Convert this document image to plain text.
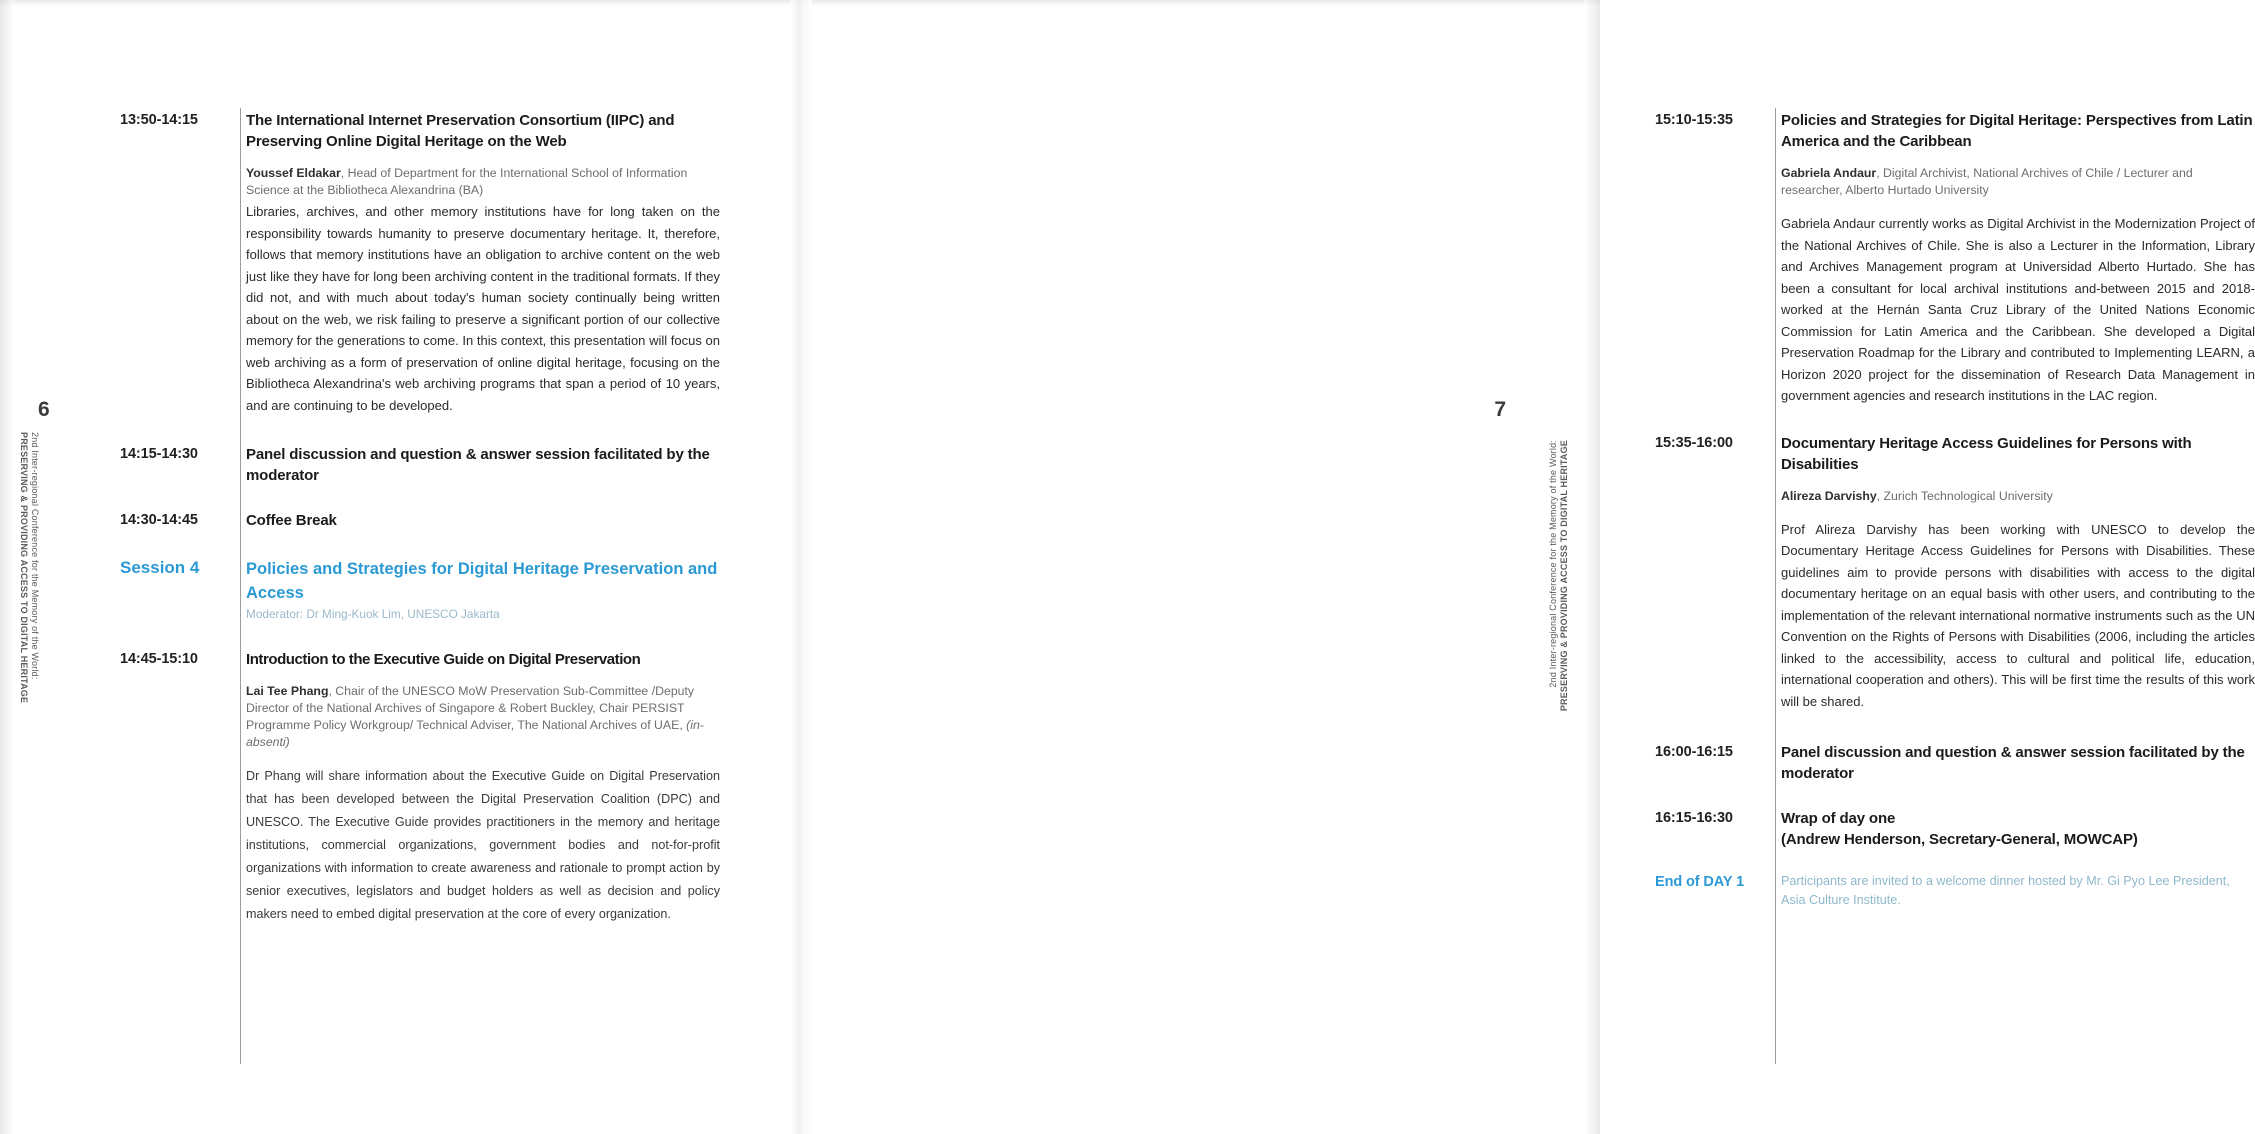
6
2nd Inter-regional Conference for the Memory of the World:
PRESERVING & PROVIDING ACCESS TO DIGITAL HERITAGE
13:50-14:15	The International Internet Preservation Consortium (IIPC) and Preserving Online Digital Heritage on the Web
Youssef Eldakar, Head of Department for the International School of Information Science at the Bibliotheca Alexandrina (BA)
Libraries, archives, and other memory institutions have for long taken on the responsibility towards humanity to preserve documentary heritage. It, therefore, follows that memory institutions have an obligation to archive content on the web just like they have for long been archiving content in the traditional formats. If they did not, and with much about today's human society continually being written about on the web, we risk failing to preserve a significant portion of our collective memory for the generations to come. In this context, this presentation will focus on web archiving as a form of preservation of online digital heritage, focusing on the Bibliotheca Alexandrina's web archiving programs that span a period of 10 years, and are continuing to be developed.
14:15-14:30	Panel discussion and question & answer session facilitated by the moderator
14:30-14:45	Coffee Break
Session 4	Policies and Strategies for Digital Heritage Preservation and Access
Moderator: Dr Ming-Kuok Lim, UNESCO Jakarta
14:45-15:10	Introduction to the Executive Guide on Digital Preservation
Lai Tee Phang, Chair of the UNESCO MoW Preservation Sub-Committee /Deputy Director of the National Archives of Singapore & Robert Buckley, Chair PERSIST Programme Policy Workgroup/ Technical Adviser, The National Archives of UAE, (in-absenti)
Dr Phang will share information about the Executive Guide on Digital Preservation that has been developed between the Digital Preservation Coalition (DPC) and UNESCO. The Executive Guide provides practitioners in the memory and heritage institutions, commercial organizations, government bodies and not-for-profit organizations with information to create awareness and rationale to prompt action by senior executives, legislators and budget holders as well as decision and policy makers need to embed digital preservation at the core of every organization.
7
2nd Inter-regional Conference for the Memory of the World: PRESERVING & PROVIDING ACCESS TO DIGITAL HERITAGE
15:10-15:35	Policies and Strategies for Digital Heritage: Perspectives from Latin America and the Caribbean
Gabriela Andaur, Digital Archivist, National Archives of Chile / Lecturer and researcher, Alberto Hurtado University
Gabriela Andaur currently works as Digital Archivist in the Modernization Project of the National Archives of Chile. She is also a Lecturer in the Information, Library and Archives Management program at Universidad Alberto Hurtado. She has been a consultant for local archival institutions and-between 2015 and 2018- worked at the Hernán Santa Cruz Library of the United Nations Economic Commission for Latin America and the Caribbean. She developed a Digital Preservation Roadmap for the Library and contributed to Implementing LEARN, a Horizon 2020 project for the dissemination of Research Data Management in government agencies and research institutions in the LAC region.
15:35-16:00	Documentary Heritage Access Guidelines for Persons with Disabilities
Alireza Darvishy, Zurich Technological University
Prof Alireza Darvishy has been working with UNESCO to develop the Documentary Heritage Access Guidelines for Persons with Disabilities. These guidelines aim to provide persons with disabilities with access to the digital documentary heritage on an equal basis with other users, and contributing to the implementation of the relevant international normative instruments such as the UN Convention on the Rights of Persons with Disabilities (2006, including the articles linked to the accessibility, access to cultural and political life, education, international cooperation and others). This will be first time the results of this work will be shared.
16:00-16:15	Panel discussion and question & answer session facilitated by the moderator
16:15-16:30	Wrap of day one
(Andrew Henderson, Secretary-General, MOWCAP)
End of DAY 1	Participants are invited to a welcome dinner hosted by Mr. Gi Pyo Lee President, Asia Culture Institute.
